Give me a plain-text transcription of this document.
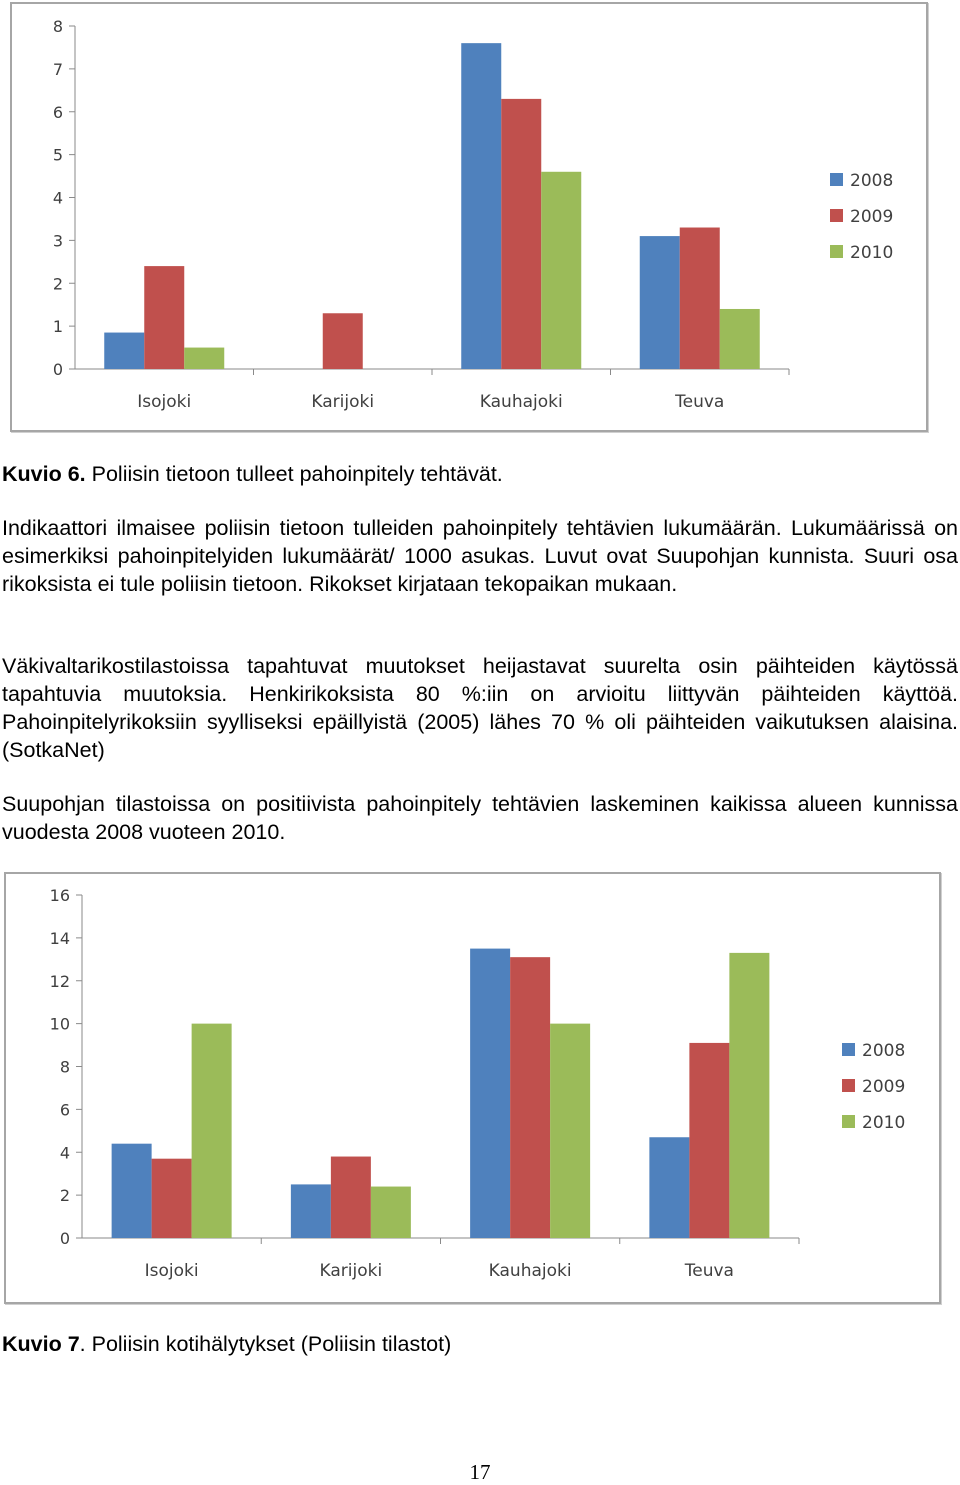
0
1
2
3
4
5
6
7
8
Isojoki	Karijoki	Kauhajoki	Teuva
2008
2009
2010
Kuvio 6. Poliisin tietoon tulleet pahoinpitely tehtävät.
Indikaattori ilmaisee poliisin tietoon tulleiden pahoinpitely tehtävien lukumäärän. Lukumäärissä on esimerkiksi pahoinpitelyiden lukumäärät/ 1000 asukas. Luvut ovat Suupohjan kunnista. Suuri osa rikoksista ei tule poliisin tietoon. Rikokset kirjataan tekopaikan mukaan.
Väkivaltarikostilastoissa tapahtuvat muutokset heijastavat suurelta osin päihteiden käytössä tapahtuvia muutoksia. Henkirikoksista 80 %:iin on arvioitu liittyvän päihteiden käyttöä. Pahoinpitelyrikoksiin syylliseksi epäillyistä (2005) lähes 70 % oli päihteiden vaikutuksen alaisina. (SotkaNet)
Suupohjan tilastoissa on positiivista pahoinpitely tehtävien laskeminen kaikissa alueen kunnissa vuodesta 2008 vuoteen 2010.
0
2
4
6
8
10
12
14
16
Isojoki	Karijoki	Kauhajoki	Teuva
2008
2009
2010
Kuvio 7. Poliisin kotihälytykset (Poliisin tilastot)
17
